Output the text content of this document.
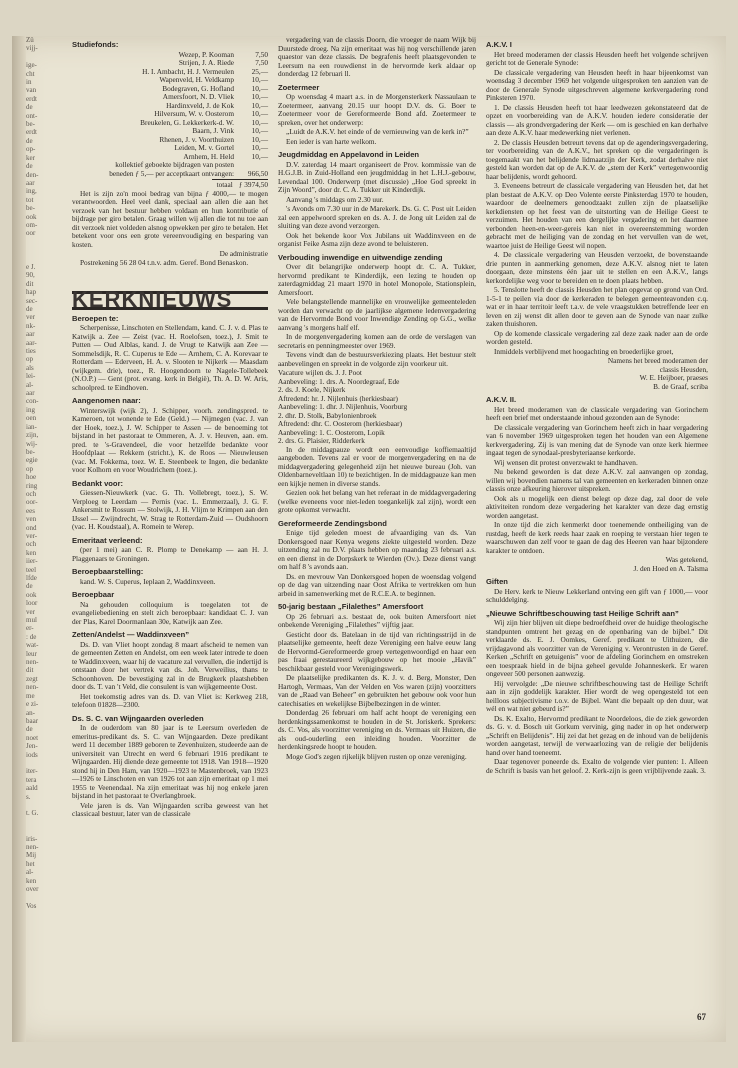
Zü
vijj-

ige-
cht
in
van
erdt
de
ont-
be-
erdt
de
op-
ker
de
den-
aar
ing,
tot
be-
ook
om-
oor

e J.
90,
dit
hap
sec-
de
ver
nk-
aar
aar-
ties
op
als
lei-
al-
aar
con-
ing
oen
ian-
zijn,
wij-
be-
egie
op
hoe
ring
och
oor-
ees
ven
ond
ver-
och
ken
iier-
teel
lfde
de
ook
loor
ver
mul
er-
: de
wat-
leur
nen-
dit
zegt
nen-
me
e zi-
an-
baar
de
noet
Jen-
iods

iter-
tera
aald
s.

t. G.

iris-
nen-
Mij
het
al-
ken
over

Vos
Studiefonds:
Wezep, P. Kooman	7,50
Strijen, J. A. Riede	7,50
H. I. Ambacht, H. J. Vermeulen	25,—
Wapenveld, H. Veldkamp	10,—
Bodegraven, G. Hofland	10,—
Amersfoort, N. D. Vliek	10,—
Hardinxveld, J. de Kok	10,—
Hilversum, W. v. Oosterom	10,—
Breukelen, G. Lekkerkerk-d. W.	10,—
Baarn, J. Vink	10,—
Rhenen, J. v. Voorthuizen	10,—
Leiden, M. v. Gortel	10,—
Arnhem, H. Held	10,—
kollektief geboekte bijdragen van posten
beneden ƒ 5,— per acceptkaart ontvangen:	966,50
totaal ƒ 3974,50

Het is zijn zo'n mooi bedrag van bijna ƒ 4000,— te mogen verantwoorden. Heel veel dank, speciaal aan allen die aan het verzoek van het bestuur hebben voldaan en hun kontributie of bijdrage per giro betalen. Graag willen wij allen die tot nu toe aan dit verzoek niet voldeden alsnog opwekken per giro te betalen. Het betekent voor ons een grote vereenvoudiging en besparing van kosten.

De administratie

Postrekening 56 28 04 t.n.v. adm. Geref. Bond Benaskon.

KERKNIEUWS
Beroepen te:

Scherpenisse, Linschoten en Stellendam, kand. C. J. v. d. Plas te Katwijk a. Zee — Zeist (vac. H. Roelofsen, toez.), J. Smit te Putten — Oud Alblas, kand. J. de Vrugt te Katwijk aan Zee — Sommelsdijk, R. C. Cuperus te Ede — Arnhem, C. A. Korevaar te Rotterdam — Ederveen, H. A. v. Slooten te Nijkerk — Maasdam (wijkgem. drie), toez., R. Hoogendoorn te Nagele-Tollebeek (N.O.P.) — Gent (prot. evang. kerk in België), Th. A. D. W. Aris, schoolpred. te Eindhoven.

Aangenomen naar:

Winterswijk (wijk 2), J. Schipper, voorh. zendingspred. te Kameroen, tot wonende te Ede (Geld.) — Nijmegen (vac. J. van der Hoek, toez.), J. W. Schipper te Assen — de benoeming tot bijstand in het pastoraat te Ommeren, A. J. v. Heuven, aan. em. pred. te 's-Gravendeel, die voor hetzelfde bedankte voor Hoofdplaat — Rekkem (stricht.), K. de Roos — Nieuwleusen (vac. M. Fokkema, toez. W. E. Steenbeek te Ingen, die bedankte voor Kolhorn en voor Woudrichem (toez.).

Bedankt voor:

Giessen-Nieuwkerk (vac. G. Th. Vollebregt, toez.), S. W. Verploeg te Leerdam — Pernis (vac. L. Emmerzaal), J. G. F. Ankersmit te Rossum — Stolwijk, J. H. Vlijm te Krimpen aan den IJssel — Zwijndrecht, W. Strag te Rotterdam-Zuid — Oudshoorn (vac. H. Koudstaal), A. Romein te Werep.

Emeritaat verleend:

(per 1 mei) aan C. R. Plomp te Denekamp — aan H. J. Plaggenaars te Groningen.

Beroepbaarstelling:

kand. W. S. Cuperus, Ieplaan 2, Waddinxveen.

Beroepbaar

Na gehouden colloquium is toegelaten tot de evangeliebediening en stelt zich beroepbaar: kandidaat C. J. van der Plas, Karel Doormanlaan 30e, Katwijk aan Zee.

Zetten/Andelst — Waddinxveen”

Ds. D. van Vliet hoopt zondag 8 maart afscheid te nemen van de gemeenten Zetten en Andelst, om een week later intrede te doen te Waddinxveen, waar hij de vacature zal vervullen, die indertijd is ontstaan door het vertrek van ds. Joh. Verweilius, thans te Schoonhoven. De bevestiging zal in de Brugkerk plaatshebben door ds. T. van 't Veld, die consulent is van wijkgemeente Oost.

Het toekomstig adres van ds. D. van Vliet is: Kerkweg 218, telefoon 01828—2300.

Ds. S. C. van Wijngaarden overleden

In de ouderdom van 80 jaar is te Leersum overleden de emeritus-predikant ds. S. C. van Wijngaarden. Deze predikant werd 11 december 1889 geboren te Zevenhuizen, studeerde aan de universiteit van Utrecht en werd 6 februari 1916 predikant te Wijngaarden. Hij diende deze gemeente tot 1918. Van 1918—1920 stond hij in Den Ham, van 1920—1923 te Mastenbroek, van 1923—1926 te Linschoten en van 1926 tot aan zijn emeritaat op 1 mei 1955 te Veenendaal. Na zijn emeritaat was hij nog enkele jaren bijstand in het pastoraat te Overlangbroek.

Vele jaren is ds. Van Wijngaarden scriba geweest van het classicaal bestuur, later van de classicale

vergadering van de classis Doorn, die vroeger de naam Wijk bij Duurstede droeg. Na zijn emeritaat was hij nog verschillende jaren quaestor van deze classis. De begrafenis heeft plaatsgevonden te Leersum na een rouwdienst in de hervormde kerk aldaar op donderdag 12 februari ll.

Zoetermeer

Op woensdag 4 maart a.s. in de Morgensterkerk Nassaulaan te Zoetermeer, aanvang 20.15 uur hoopt D.V. ds. G. Boer te Zoetermeer voor de Gereformeerde Bond afd. Zoetermeer te spreken, over het onderwerp:

„Luidt de A.K.V. het einde of de vernieuwing van de kerk in?”

Een ieder is van harte welkom.

Jeugdmiddag en Appelavond in Leiden

D.V. zaterdag 14 maart organiseert de Prov. kommissie van de H.G.J.B. in Zuid-Holland een jeugdmiddag in het L.H.J.-gebouw, Levendaal 100. Onderwerp (met discussie) „Hoe God spreekt in Zijn Woord”, door dr. C. A. Tukker uit Kinderdijk.

Aanvang 's middags om 2.30 uur.

's Avonds om 7.30 uur in de Marekerk. Ds. G. C. Post uit Leiden zal een appelwoord spreken en ds. A. J. de Jong uit Leiden zal de sluiting van deze avond verzorgen.

Ook het bekende koor Vox Jubilans uit Waddinxveen en de organist Feike Asma zijn deze avond te beluisteren.

Verbouding inwendige en uitwendige zending

Over dit belangrijke onderwerp hoopt dr. C. A. Tukker, hervormd predikant te Kinderdijk, een lezing te houden op zaterdagmiddag 21 maart 1970 in hotel Monopole, Stationsplein, Amersfoort.

Vele belangstellende mannelijke en vrouwelijke gemeenteleden worden dan verwacht op de jaarlijkse algemene ledenvergadering van de Hervormde Bond voor Inwendige Zending op G.G., welke aanvang 's morgens half elf.

In de morgenvergadering komen aan de orde de verslagen van secretaris en penningmeester over 1969.

Tevens vindt dan de bestuursverkiezing plaats. Het bestuur stelt aanbevelingen en spreekt in de volgorde zijn voorkeur uit.

Vacature wijlen ds. J. J. Poot
Aanbeveling: 1. drs. A. Noordegraaf, Ede
2. ds. J. Koele, Nijkerk
Aftredend: hr. J. Nijlenhuis (herkiesbaar)
Aanbeveling: 1. dhr. J. Nijlenhuis, Voorburg
2. dhr. D. Stolk, Babylonienbroek
Aftredend: dhr. C. Oosterom (herkiesbaar)
Aanbeveling: 1. C. Oosterom, Lopik
2. drs. G. Plaisier, Ridderkerk

In de middagpauze wordt een eenvoudige koffiemaaltijd aangeboden. Tevens zal er voor de morgenvergadering en na de middagvergadering gelegenheid zijn het nieuwe bureau (Joh. van Oldenbarneveltlaan 10) te bezichtigen. In de middagpauze kan men een kijkje nemen in diverse stands.

Gezien ook het belang van het referaat in de middagvergadering (welke eveneens voor niet-leden toegankelijk zal zijn), wordt een grote opkomst verwacht.

Gereformeerde Zendingsbond

Enige tijd geleden moest de afvaardiging van ds. Van Donkersgoed naar Kenya wegens ziekte uitgesteld worden. Deze uitzending zal nu D.V. plaats hebben op maandag 23 februari a.s. en een dienst in de Dorpskerk te Wierden (Ov.). Deze dienst vangt om half 8 's avonds aan.

Ds. en mevrouw Van Donkersgoed hopen de woensdag volgend op de dag van uitzending naar Oost Afrika te vertrekken om hun arbeid in samenwerking met de R.C.E.A. te beginnen.

50-jarig bestaan „Filalethes” Amersfoort

Op 26 februari a.s. bestaat de, ook buiten Amersfoort niet onbekende Vereniging „Filalethes” vijftig jaar.

Gesticht door ds. Batelaan in de tijd van richtingsstrijd in de plaatselijke gemeente, heeft deze Vereniging een halve eeuw lang de Hervormd-Gereformeerde groep vertegenwoordigd en haar een pas fraai gerestaureerd wijkgebouw op het mooie „Havik” beschikbaar gesteld voor Verenigingswerk.

De plaatselijke predikanten ds. K. J. v. d. Berg, Monster, Den Hartogh, Vermaas, Van der Velden en Vos waren (zijn) voorzitters van de „Raad van Beheer” en gebruikten het gebouw ook voor hun catechisaties en wekelijkse Bijbelbezingen in de winter.

Donderdag 26 februari om half acht hoopt de vereniging een herdenkingssamenkomst te houden in de St. Joriskerk. Sprekers: ds. C. Vos, als voorzitter vereniging en ds. Vermaas uit Huizen, die als oud-ouderling een inleiding houden. Voorzitter de herdenkingsrede hoopt te houden.

Moge God's zegen rijkelijk blijven rusten op onze vereniging.

A.K.V. I

Het breed moderamen der classis Heusden heeft het volgende schrijven gericht tot de Generale Synode:

De classicale vergadering van Heusden heeft in haar bijeenkomst van woensdag 3 december 1969 het volgende uitgesproken ten aanzien van de door de Generale Synode uitgeschreven algemene kerkvergadering rond Pinksteren 1970.

1. De classis Heusden heeft tot haar leedwezen gekonstateerd dat de opzet en voorbereiding van de A.K.V. houden iedere consideratie der classis — als grondvergadering der Kerk — om is geschied en kan derhalve aan deze A.K.V. haar medewerking niet verlenen.

2. De classis Heusden betreurt tevens dat op de agenderingsvergadering, ter voorbereiding van de A.K.V., het spreken op die vergaderingen is toegemaakt van het belijdende lidmaatzijn der Kerk, zodat derhalve niet gesteld kan worden dat op de A.K.V. de „stem der Kerk” vertegenwoordig haar belijdenis, wordt gehoord.

3. Eveneens betreurt de classicale vergadering van Heusden het, dat het plan bestaat de A.K.V. op Deo Volente eerste Pinksterdag 1970 te houden, waardoor de deelnemers genoodzaakt zullen zijn de plaatselijke kerkdiensten op het feest van de uitstorting van de Heilige Geest te verzuimen. Het houden van een dergelijke vergadering en het daarmee verbonden heen-en-weer-gereis kan niet in overeenstemming worden gebracht met de heiliging van de zondag en het vervullen van de wet, waartoe juist de Heilige Geest wil nopen.

4. De classicale vergadering van Heusden verzoekt, de bovenstaande drie punten in aanmerking genomen, deze A.K.V. alsnog niet te laten doorgaan, deze minstens één jaar uit te stellen en een A.K.V., langs kerkordelijke weg voor te bereiden en te doen plaats hebben.

5. Tenslotte heeft de classis Heusden het plan opgevat op grond van Ord. 1-5-1 te peilen via door de kerkeraden te belegen gemeenteavonden c.q. wat er in haar territoir leeft t.a.v. de vele vraagstukken betreffende leer en leven en zij wenst dit allen door te geven aan de Synode van naar zulke zaken thuishoren.

Op de komende classicale vergadering zal deze zaak nader aan de orde worden gesteld.

Inmiddels verblijvend met hoogachting en broederlijke groet,

Namens het breed moderamen der
classis Heusden,
W. E. Heijboer, praeses
B. de Graaf, scriba
A.K.V. II.

Het breed moderamen van de classicale vergadering van Gorinchem heeft een brief met onderstaande inhoud gezonden aan de Synode:

De classicale vergadering van Gorinchem heeft zich in haar vergadering van 6 november 1969 uitgesproken tegen het houden van een Algemene kerkvergadering. Zij is van mening dat de Synode van onze kerk hiermee ingaat tegen de synodaal-presbyteriaanse kerkorde.

Wij wensen dit protest onverzwakt te handhaven.

Nu bekend geworden is dat deze A.K.V. zal aanvangen op zondag, willen wij bovendien namens tal van gemeenten en kerkeraden binnen onze classis onze afkeuring hierover uitspreken.

Ook als u mogelijk een dienst belegt op deze dag, zal door de vele aktiviteiten rondom deze vergadering het karakter van deze dag ernstig worden aangetast.

In onze tijd die zich kenmerkt door toenemende ontheiliging van de rustdag, heeft de kerk reeds haar zaak en roeping te verstaan hier tegen te waarschuwen dan zelf voor te gaan de dag des Heeren van haar bijzondere karakter te ontdoen.

Was getekend,
J. den Hoed en A. Talsma
Giften

De Herv. kerk te Nieuw Lekkerland ontving een gift van ƒ 1000,— voor schulddelging.

„Nieuwe Schriftbeschouwing tast Heilige Schrift aan”

Wij zijn hier blijven uit diepe bedroefdheid over de huidige theologische standpunten omtrent het gezag en de openbaring van de bijbel.” Dit verklaarde ds. E. J. Oomkes, Geref. predikant te Uithuizen, die vrijdagavond als voorzitter van de Vereniging v. Verontrusten in de Geref. Kerken „Schrift en getuigenis” voor de afdeling Gorinchem en omstreken een toespraak hield in de bijna geheel gevulde Johanneskerk. Er waren ongeveer 500 personen aanwezig.

Hij vervolgde: „De nieuwe schriftbeschouwing tast de Heilige Schrift aan in zijn goddelijk karakter. Hier wordt de weg opengesteld tot een heilloos subjectivisme t.o.v. de Bijbel. Want die bepaalt op den duur, wat wél en wat niet gebeurd is?”

Ds. K. Exalto, Hervormd predikant te Noordeloos, die de ziek geworden ds. G. v. d. Bosch uit Gorkum vervinig, ging nader in op het onderwerp „Schrift en Belijdenis”. Hij zei dat het gezag en de inhoud van de belijdenis worden aangetast, terwijl de verwaarlozing van de religie der belijdenis hand over hand toeneemt.

Daar tegenover poneerde ds. Exalto de volgende vier punten: 1. Alleen de Schrift is basis van het geloof. 2. Kerk-zijn is geen vrijblijvende zaak. 3.

67
